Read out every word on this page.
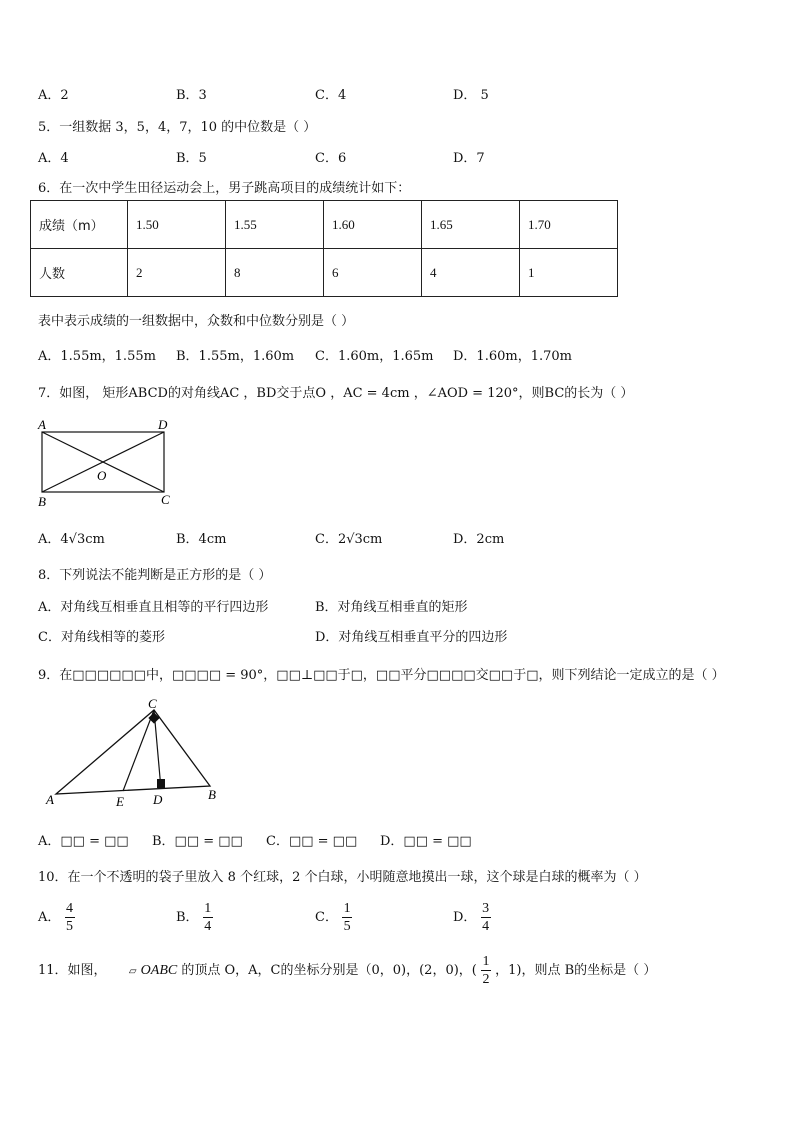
A．2	B．3	C．4	D． 5
5．一组数据 3，5，4，7，10 的中位数是（ ）
A．4	B．5	C．6	D．7
6．在一次中学生田径运动会上，男子跳高项目的成绩统计如下：
成绩（m）	1.50	1.55	1.60	1.65	1.70
人数	2	8	6	4	1
表中表示成绩的一组数据中，众数和中位数分别是（ ）
A．1.55m，1.55m B．1.55m，1.60m C．1.60m，1.65m D．1.60m，1.70m
7．如图， 矩形ABCD的对角线AC ，BD交于点O ，AC = 4cm ，∠AOD = 120°，则BC的长为（ ）
A	D
B	C
O
A．4√3cm	B．4cm	C．2√3cm	D．2cm
8．下列说法不能判断是正方形的是（ ）
A．对角线互相垂直且相等的平行四边形	B．对角线互相垂直的矩形
C．对角线相等的菱形	D．对角线互相垂直平分的四边形
9．在□□□□□□中，□□□□ = 90°，□□⊥□□于□，□□平分□□□□交□□于□，则下列结论一定成立的是（ ）
C
A	E D	B
A．□□ = □□ B．□□ = □□ C．□□ = □□ D．□□ = □□
10．在一个不透明的袋子里放入 8 个红球，2 个白球，小明随意地摸出一球，这个球是白球的概率为（ ）
A． $\frac{4}{5}$	B． $\frac{1}{4}$	C． $\frac{1}{5}$	D． $\frac{3}{4}$
11．如图， ▱ OABC 的顶点 O，A，C的坐标分别是（0，0)，(2，0)，( $\frac{1}{2}$ ，1)，则点 B的坐标是（ ）
